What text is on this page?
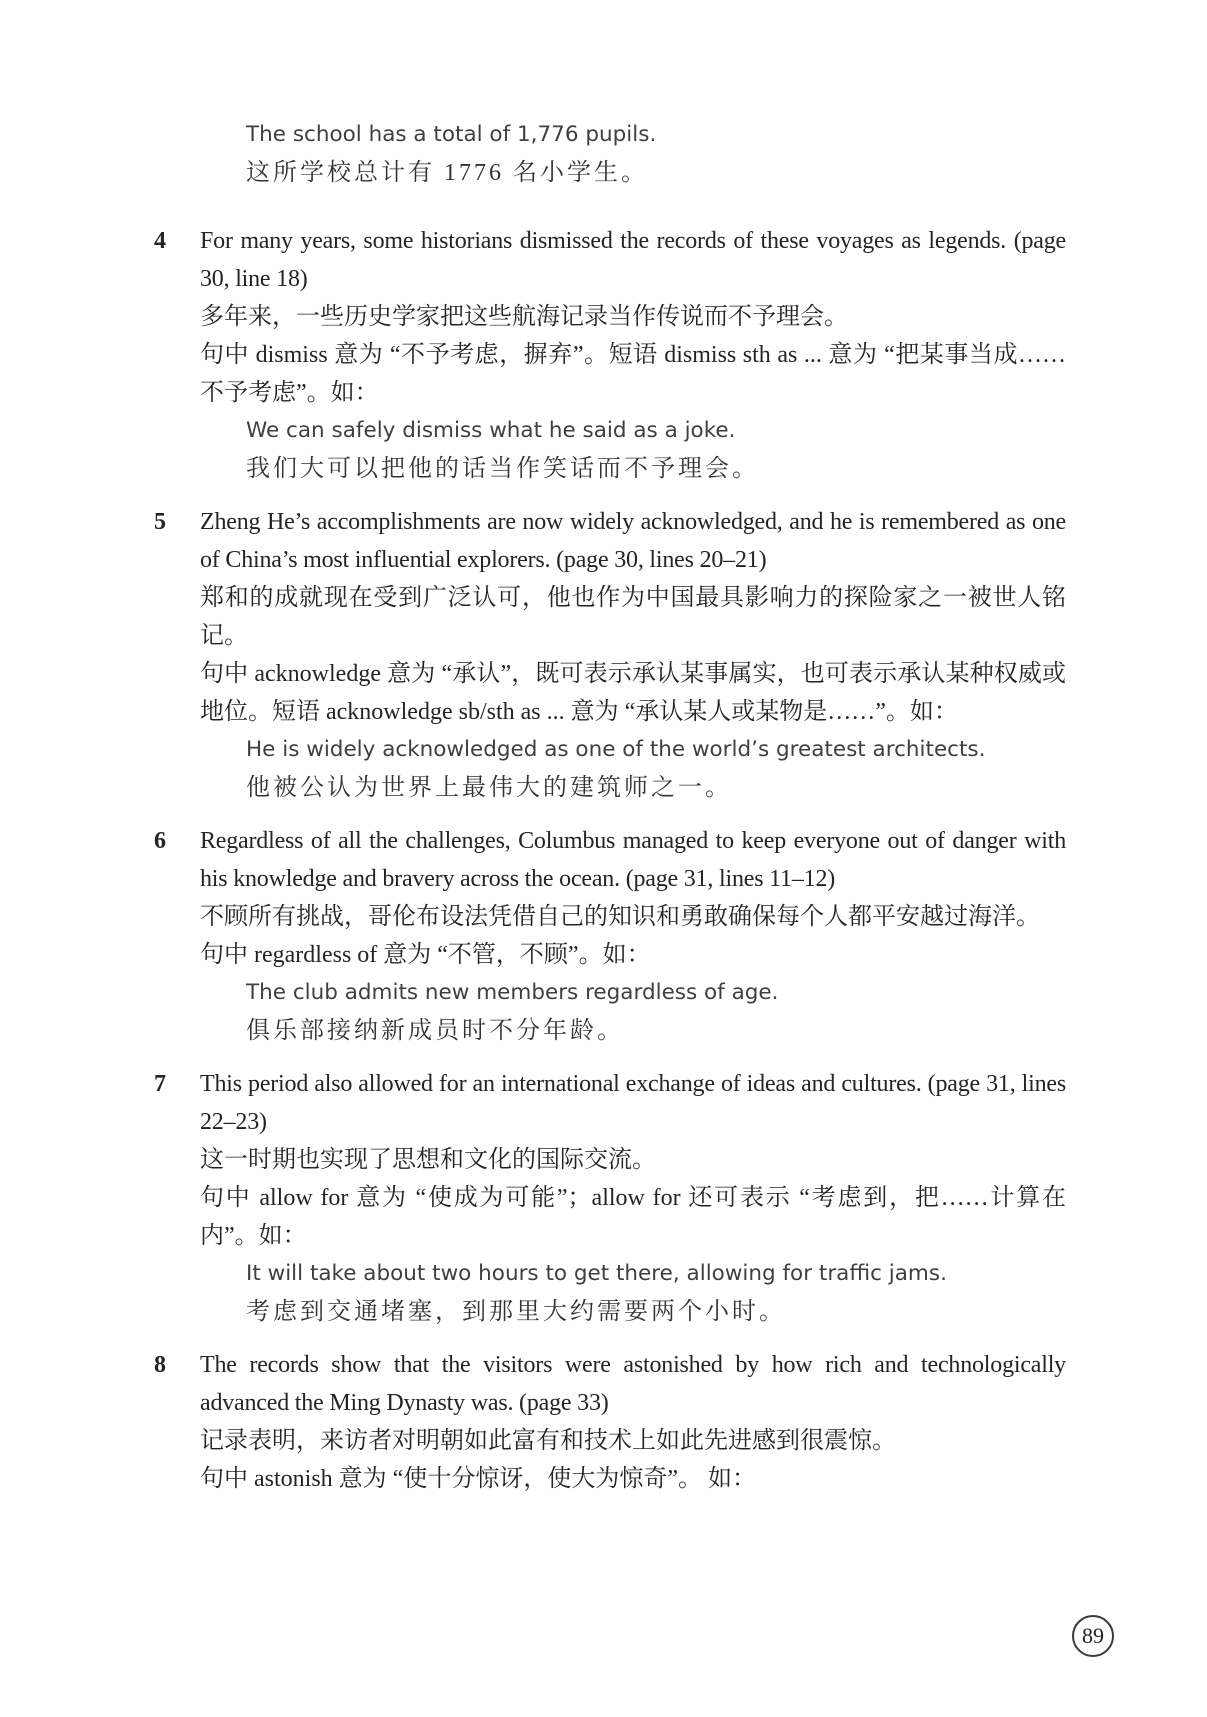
The school has a total of 1,776 pupils.

这所学校总计有 1776 名小学生。

4	For many years, some historians dismissed the records of these voyages as legends. (page 30, line 18)

多年来，一些历史学家把这些航海记录当作传说而不予理会。

句中 dismiss 意为 “不予考虑，摒弃”。短语 dismiss sth as ... 意为 “把某事当成……不予考虑”。如：

We can safely dismiss what he said as a joke.

我们大可以把他的话当作笑话而不予理会。

5	Zheng He’s accomplishments are now widely acknowledged, and he is remembered as one of China’s most influential explorers. (page 30, lines 20–21)

郑和的成就现在受到广泛认可，他也作为中国最具影响力的探险家之一被世人铭记。

句中 acknowledge 意为 “承认”，既可表示承认某事属实，也可表示承认某种权威或地位。短语 acknowledge sb/sth as ... 意为 “承认某人或某物是……”。如：

He is widely acknowledged as one of the world’s greatest architects.

他被公认为世界上最伟大的建筑师之一。

6	Regardless of all the challenges, Columbus managed to keep everyone out of danger with his knowledge and bravery across the ocean. (page 31, lines 11–12)

不顾所有挑战，哥伦布设法凭借自己的知识和勇敢确保每个人都平安越过海洋。

句中 regardless of 意为 “不管，不顾”。如：

The club admits new members regardless of age.

俱乐部接纳新成员时不分年龄。

7	This period also allowed for an international exchange of ideas and cultures. (page 31, lines 22–23)

这一时期也实现了思想和文化的国际交流。

句中 allow for 意为 “使成为可能”；allow for 还可表示 “考虑到，把……计算在内”。如：

It will take about two hours to get there, allowing for traffic jams.

考虑到交通堵塞，到那里大约需要两个小时。

8	The records show that the visitors were astonished by how rich and technologically advanced the Ming Dynasty was. (page 33)

记录表明，来访者对明朝如此富有和技术上如此先进感到很震惊。

句中 astonish 意为 “使十分惊讶，使大为惊奇”。 如：

89
